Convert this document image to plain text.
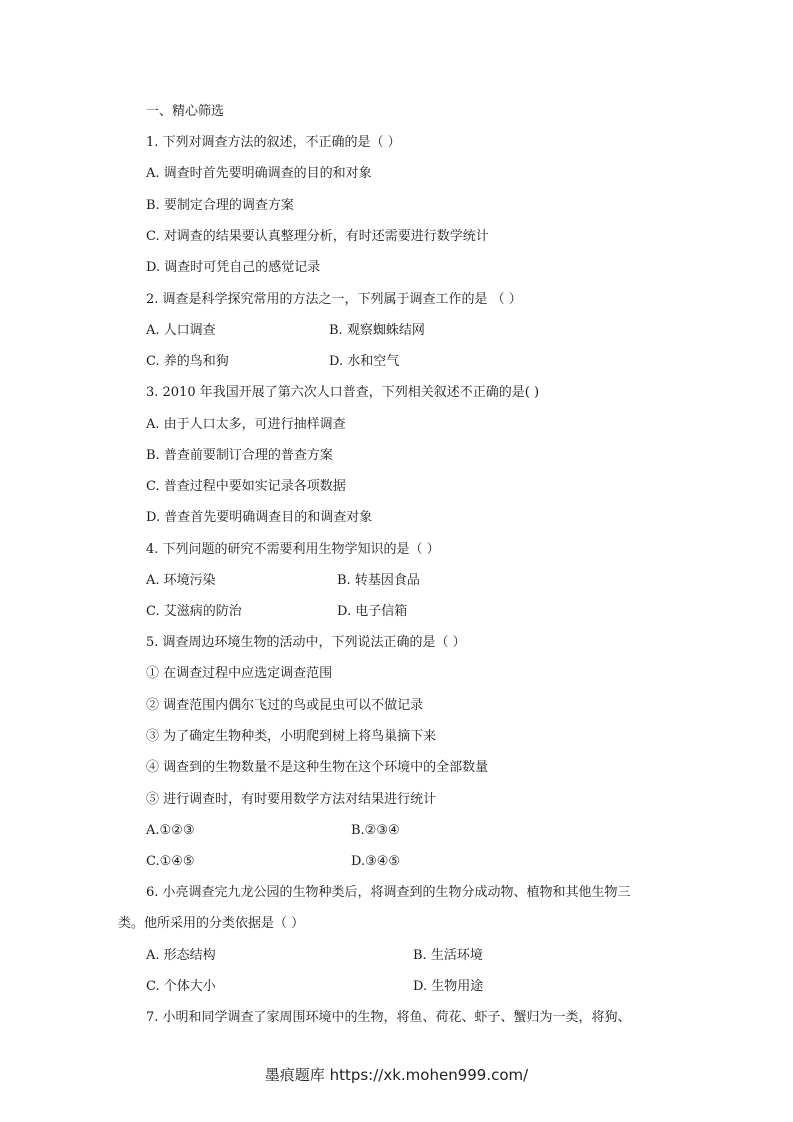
一、精心筛选
1. 下列对调查方法的叙述，不正确的是（ ）
A. 调查时首先要明确调查的目的和对象
B. 要制定合理的调查方案
C. 对调查的结果要认真整理分析，有时还需要进行数学统计
D. 调查时可凭自己的感觉记录
2. 调查是科学探究常用的方法之一，下列属于调查工作的是 （ ）
A. 人口调查	B. 观察蜘蛛结网
C. 养的鸟和狗	D. 水和空气
3. 2010 年我国开展了第六次人口普查，下列相关叙述不正确的是( )
A. 由于人口太多，可进行抽样调查
B. 普查前要制订合理的普查方案
C. 普查过程中要如实记录各项数据
D. 普查首先要明确调查目的和调查对象
4. 下列问题的研究不需要利用生物学知识的是（ ）
A. 环境污染	B. 转基因食品
C. 艾滋病的防治	D. 电子信箱
5. 调查周边环境生物的活动中，下列说法正确的是（ ）
① 在调查过程中应选定调查范围
② 调查范围内偶尔飞过的鸟或昆虫可以不做记录
③ 为了确定生物种类，小明爬到树上将鸟巢摘下来
④ 调查到的生物数量不是这种生物在这个环境中的全部数量
⑤ 进行调查时，有时要用数学方法对结果进行统计
A.①②③	B.②③④
C.①④⑤	D.③④⑤
6. 小亮调查完九龙公园的生物种类后，将调查到的生物分成动物、植物和其他生物三
类。他所采用的分类依据是（ ）
A. 形态结构	B. 生活环境
C. 个体大小	D. 生物用途
7. 小明和同学调查了家周围环境中的生物，将鱼、荷花、虾子、蟹归为一类，将狗、
墨痕题库 https://xk.mohen999.com/
